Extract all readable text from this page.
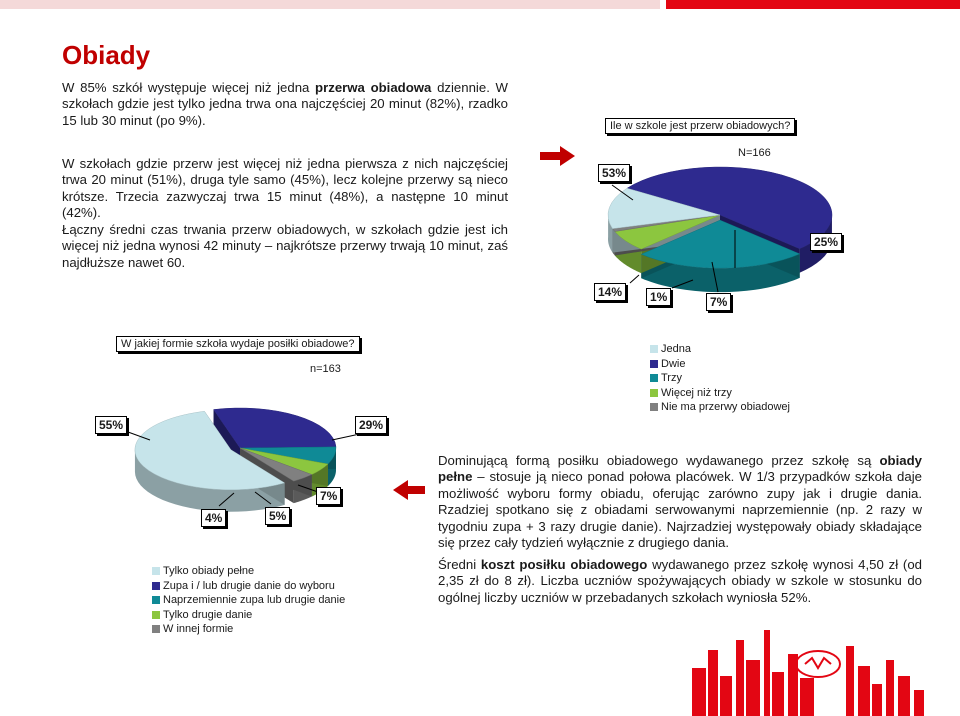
Obiady
W 85% szkół występuje więcej niż jedna przerwa obiadowa dziennie. W szkołach gdzie jest tylko jedna trwa ona najczęściej 20 minut (82%), rzadko 15 lub 30 minut (po 9%).
W szkołach gdzie przerw jest więcej niż jedna pierwsza z nich najczęściej trwa 20 minut (51%), druga tyle samo (45%), lecz kolejne przerwy są nieco krótsze. Trzecia zazwyczaj trwa 15 minut (48%), a następne 10 minut (42%).
Łączny średni czas trwania przerw obiadowych, w szkołach gdzie jest ich więcej niż jedna wynosi 42 minuty – najkrótsze przerwy trwają 10 minut, zaś najdłuższe nawet 60.
Dominującą formą posiłku obiadowego wydawanego przez szkołę są obiady pełne – stosuje ją nieco ponad połowa placówek. W 1/3 przypadków szkoła daje możliwość wyboru formy obiadu, oferując zarówno zupy jak i drugie dania. Rzadziej spotkano się z obiadami serwowanymi naprzemiennie (np. 2 razy w tygodniu zupa + 3 razy drugie danie). Najrzadziej występowały obiady składające się przez cały tydzień wyłącznie z drugiego dania.
Średni koszt posiłku obiadowego wydawanego przez szkołę wynosi 4,50 zł (od 2,35 zł do 8 zł). Liczba uczniów spożywających obiady w szkole w stosunku do ogólnej liczby uczniów w przebadanych szkołach wyniosła 52%.
Ile w szkole jest przerw obiadowych?
N=166
53%
25%
14%	1%	7%
Jedna
Dwie
Trzy
Więcej niż trzy
Nie ma przerwy obiadowej
W jakiej formie szkoła wydaje posiłki obiadowe?
n=163
55%	29%
7%
5%
4%
Tylko obiady pełne
Zupa i / lub drugie danie do wyboru
Naprzemiennie zupa lub drugie danie
Tylko drugie danie
W innej formie
